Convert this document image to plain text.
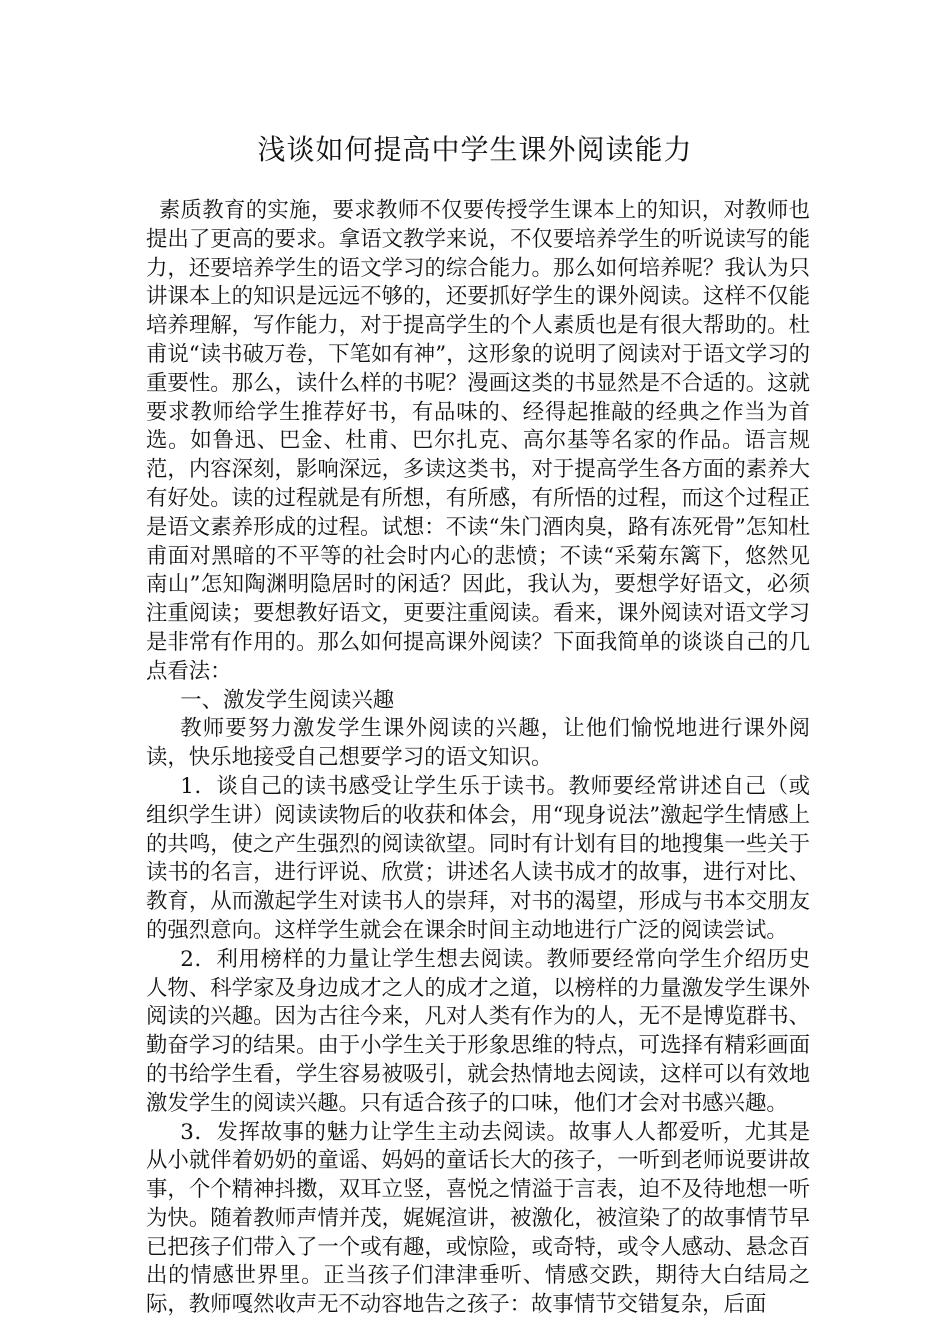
浅谈如何提高中学生课外阅读能力

素质教育的实施，要求教师不仅要传授学生课本上的知识，对教师也提出了更高的要求。拿语文教学来说，不仅要培养学生的听说读写的能力，还要培养学生的语文学习的综合能力。那么如何培养呢？我认为只讲课本上的知识是远远不够的，还要抓好学生的课外阅读。这样不仅能培养理解，写作能力，对于提高学生的个人素质也是有很大帮助的。杜甫说“读书破万卷，下笔如有神”，这形象的说明了阅读对于语文学习的重要性。那么，读什么样的书呢？漫画这类的书显然是不合适的。这就要求教师给学生推荐好书，有品味的、经得起推敲的经典之作当为首选。如鲁迅、巴金、杜甫、巴尔扎克、高尔基等名家的作品。语言规范，内容深刻，影响深远，多读这类书，对于提高学生各方面的素养大有好处。读的过程就是有所想，有所感，有所悟的过程，而这个过程正是语文素养形成的过程。试想：不读“朱门酒肉臭，路有冻死骨”怎知杜甫面对黑暗的不平等的社会时内心的悲愤；不读“采菊东篱下，悠然见南山”怎知陶渊明隐居时的闲适？因此，我认为，要想学好语文，必须注重阅读；要想教好语文，更要注重阅读。看来，课外阅读对语文学习是非常有作用的。那么如何提高课外阅读？下面我简单的谈谈自己的几点看法：

一、激发学生阅读兴趣

教师要努力激发学生课外阅读的兴趣，让他们愉悦地进行课外阅读，快乐地接受自己想要学习的语文知识。

1．谈自己的读书感受让学生乐于读书。教师要经常讲述自己（或组织学生讲）阅读读物后的收获和体会，用“现身说法”激起学生情感上的共鸣，使之产生强烈的阅读欲望。同时有计划有目的地搜集一些关于读书的名言，进行评说、欣赏；讲述名人读书成才的故事，进行对比、教育，从而激起学生对读书人的崇拜，对书的渴望，形成与书本交朋友的强烈意向。这样学生就会在课余时间主动地进行广泛的阅读尝试。

2．利用榜样的力量让学生想去阅读。教师要经常向学生介绍历史人物、科学家及身边成才之人的成才之道，以榜样的力量激发学生课外阅读的兴趣。因为古往今来，凡对人类有作为的人，无不是博览群书、勤奋学习的结果。由于小学生关于形象思维的特点，可选择有精彩画面的书给学生看，学生容易被吸引，就会热情地去阅读，这样可以有效地激发学生的阅读兴趣。只有适合孩子的口味，他们才会对书感兴趣。

3．发挥故事的魅力让学生主动去阅读。故事人人都爱听，尤其是从小就伴着奶奶的童谣、妈妈的童话长大的孩子，一听到老师说要讲故事，个个精神抖擞，双耳立竖，喜悦之情溢于言表，迫不及待地想一听为快。随着教师声情并茂，娓娓渲讲，被激化，被渲染了的故事情节早已把孩子们带入了一个或有趣，或惊险，或奇特，或令人感动、悬念百出的情感世界里。正当孩子们津津垂听、情感交跌，期待大白结局之际，教师嘎然收声无不动容地告之孩子：故事情节交错复杂，后面
